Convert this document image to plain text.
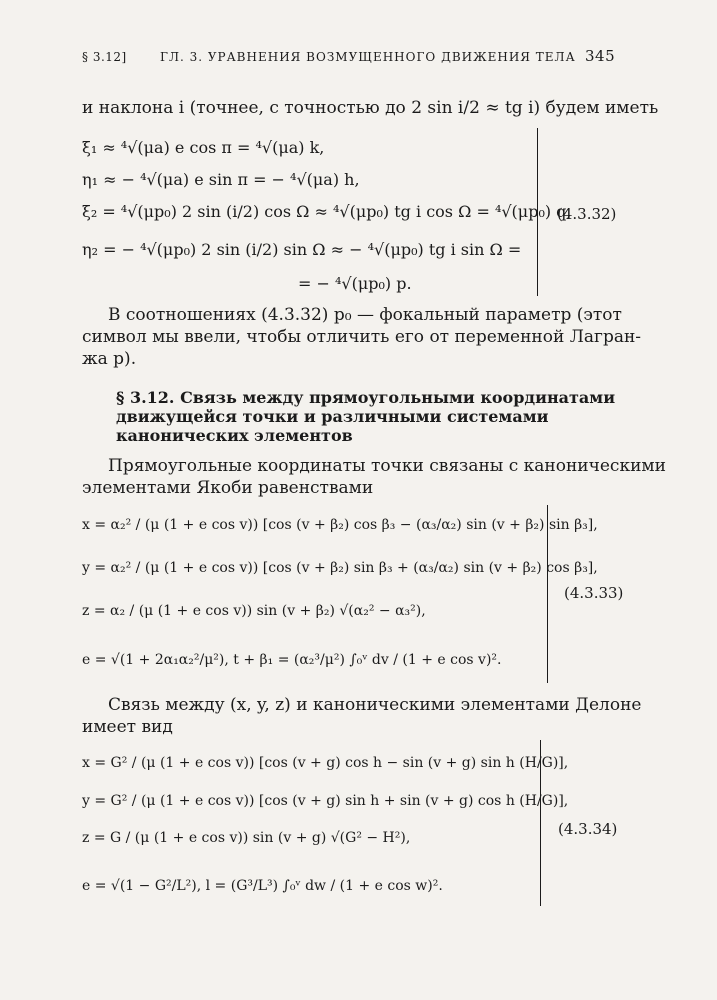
§ 3.12]	ГЛ. 3. УРАВНЕНИЯ ВОЗМУЩЕННОГО ДВИЖЕНИЯ ТЕЛА 345
и наклона i (точнее, с точностью до 2 sin i/2 ≈ tg i) будем иметь
ξ₁ ≈ ⁴√(μa) e cos π = ⁴√(μa) k,
η₁ ≈ − ⁴√(μa) e sin π = − ⁴√(μa) h,
ξ₂ = ⁴√(μp₀) 2 sin (i/2) cos Ω ≈ ⁴√(μp₀) tg i cos Ω = ⁴√(μp₀) q,
η₂ = − ⁴√(μp₀) 2 sin (i/2) sin Ω ≈ − ⁴√(μp₀) tg i sin Ω =
= − ⁴√(μp₀) p.
(4.3.32)
В соотношениях (4.3.32) p₀ — фокальный параметр (этот
символ мы ввели, чтобы отличить его от переменной Лагран-
жа p).
§ 3.12. Связь между прямоугольными координатами
движущейся точки и различными системами
канонических элементов
Прямоугольные координаты точки связаны с каноническими
элементами Якоби равенствами
x = α₂² / (μ (1 + e cos v)) [cos (v + β₂) cos β₃ − (α₃/α₂) sin (v + β₂) sin β₃],
y = α₂² / (μ (1 + e cos v)) [cos (v + β₂) sin β₃ + (α₃/α₂) sin (v + β₂) cos β₃],
z = α₂ / (μ (1 + e cos v)) sin (v + β₂) √(α₂² − α₃²),
e = √(1 + 2α₁α₂²/μ²), t + β₁ = (α₂³/μ²) ∫₀ᵛ dv / (1 + e cos v)².
(4.3.33)
Связь между (x, y, z) и каноническими элементами Делоне
имеет вид
x = G² / (μ (1 + e cos v)) [cos (v + g) cos h − sin (v + g) sin h (H/G)],
y = G² / (μ (1 + e cos v)) [cos (v + g) sin h + sin (v + g) cos h (H/G)],
z = G / (μ (1 + e cos v)) sin (v + g) √(G² − H²),
e = √(1 − G²/L²), l = (G³/L³) ∫₀ᵛ dw / (1 + e cos w)².
(4.3.34)
